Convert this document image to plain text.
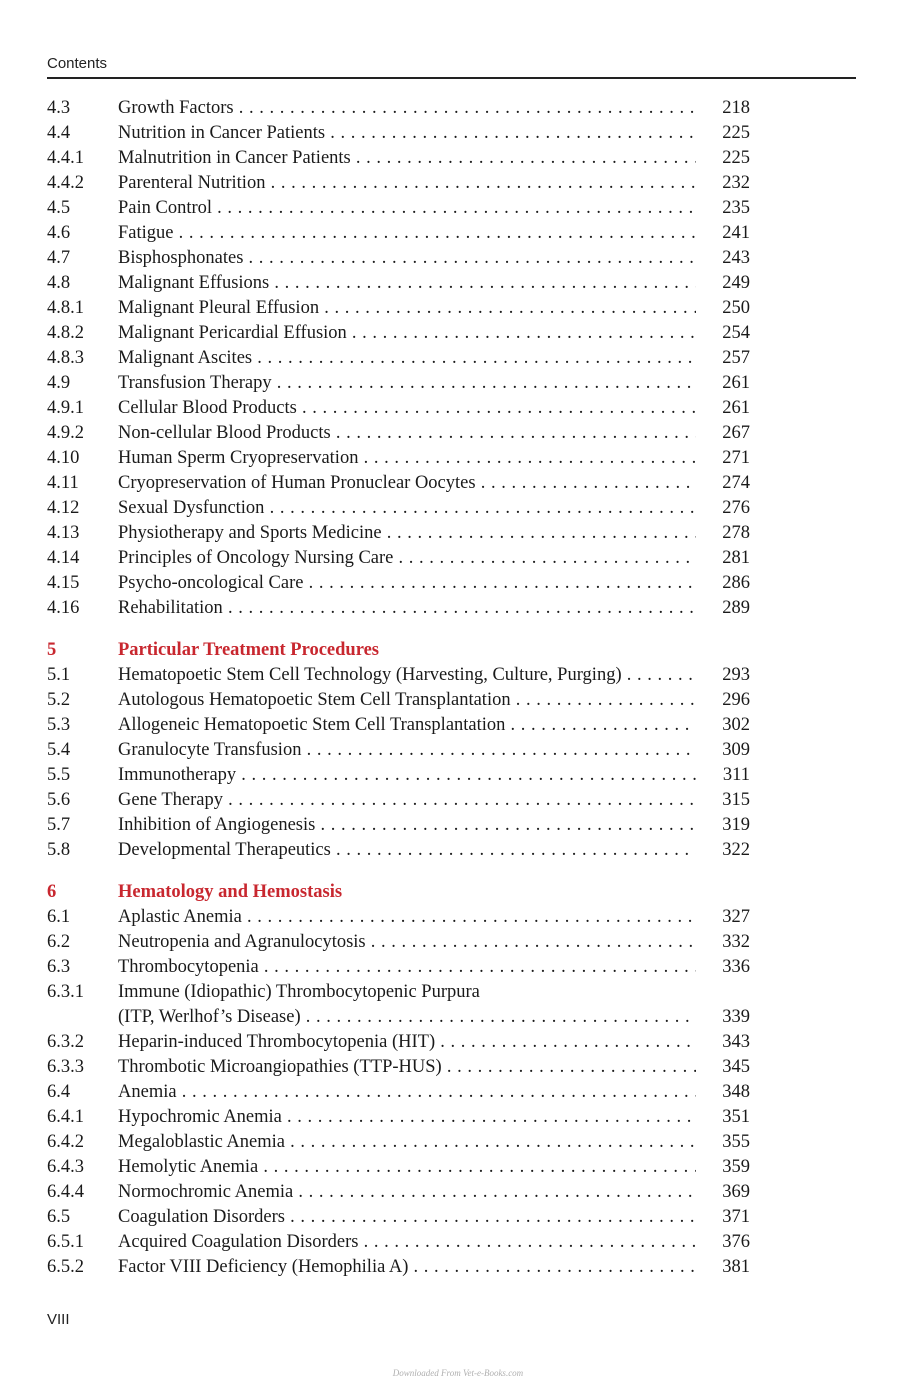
Contents
4.3	Growth Factors . . .	218
4.4	Nutrition in Cancer Patients . . .	225
4.4.1 Malnutrition in Cancer Patients . . .	225
4.4.2 Parenteral Nutrition . . .	232
4.5	Pain Control . . .	235
4.6	Fatigue . . .	241
4.7	Bisphosphonates . . .	243
4.8	Malignant Effusions . . .	249
4.8.1 Malignant Pleural Effusion . . .	250
4.8.2 Malignant Pericardial Effusion . . .	254
4.8.3 Malignant Ascites . . .	257
4.9	Transfusion Therapy . . .	261
4.9.1 Cellular Blood Products . . .	261
4.9.2 Non-cellular Blood Products . . .	267
4.10 Human Sperm Cryopreservation . . .	271
4.11 Cryopreservation of Human Pronuclear Oocytes . . .	274
4.12 Sexual Dysfunction . . .	276
4.13 Physiotherapy and Sports Medicine . . .	278
4.14 Principles of Oncology Nursing Care . . .	281
4.15 Psycho-oncological Care . . .	286
4.16 Rehabilitation . . .	289
5	Particular Treatment Procedures
5.1	Hematopoetic Stem Cell Technology (Harvesting, Culture, Purging) . . .	293
5.2	Autologous Hematopoetic Stem Cell Transplantation . . .	296
5.3	Allogeneic Hematopoetic Stem Cell Transplantation . . .	302
5.4	Granulocyte Transfusion . . .	309
5.5	Immunotherapy . . .	311
5.6	Gene Therapy . . .	315
5.7	Inhibition of Angiogenesis . . .	319
5.8	Developmental Therapeutics . . .	322
6	Hematology and Hemostasis
6.1	Aplastic Anemia . . .	327
6.2	Neutropenia and Agranulocytosis . . .	332
6.3	Thrombocytopenia . . .	336
6.3.1 Immune (Idiopathic) Thrombocytopenic Purpura
(ITP, Werlhof’s Disease) . . .	339
6.3.2 Heparin-induced Thrombocytopenia (HIT) . . .	343
6.3.3 Thrombotic Microangiopathies (TTP-HUS) . . .	345
6.4	Anemia . . .	348
6.4.1 Hypochromic Anemia . . .	351
6.4.2 Megaloblastic Anemia . . .	355
6.4.3 Hemolytic Anemia . . .	359
6.4.4 Normochromic Anemia . . .	369
6.5	Coagulation Disorders . . .	371
6.5.1 Acquired Coagulation Disorders . . .	376
6.5.2 Factor VIII Deficiency (Hemophilia A) . . .	381
VIII
Downloaded From Vet-e-Books.com
